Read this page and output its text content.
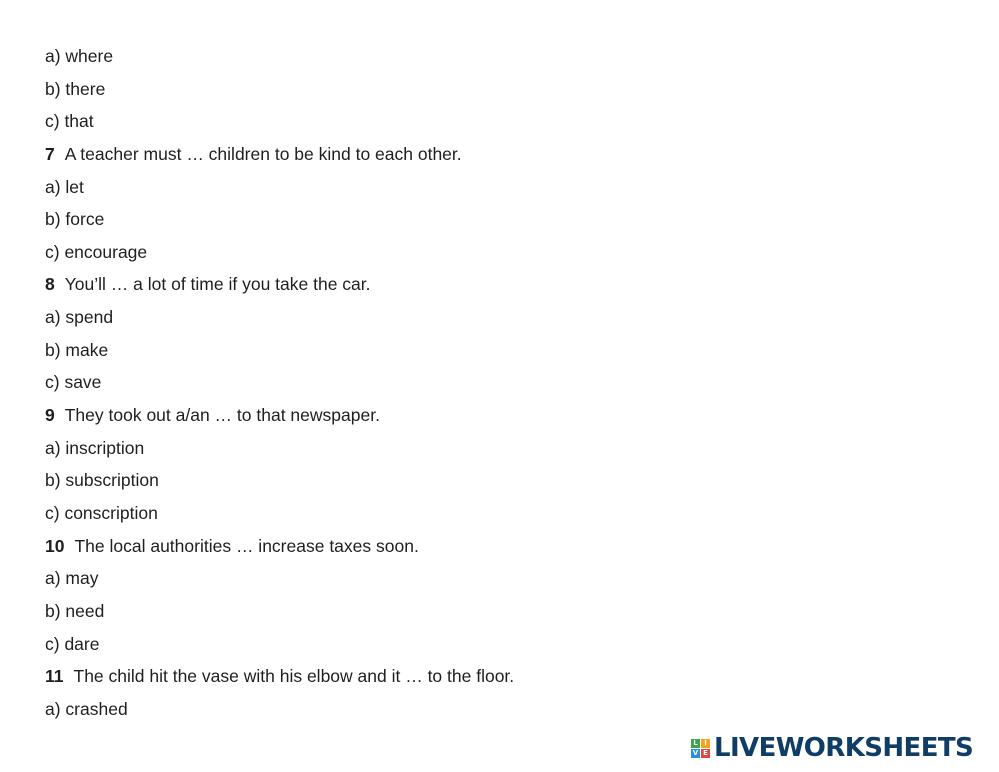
a) where
b) there
c) that
7 A teacher must … children to be kind to each other.
a) let
b) force
c) encourage
8 You’ll … a lot of time if you take the car.
a) spend
b) make
c) save
9 They took out a/an … to that newspaper.
a) inscription
b) subscription
c) conscription
10 The local authorities … increase taxes soon.
a) may
b) need
c) dare
11 The child hit the vase with his elbow and it … to the floor.
a) crashed
L I
V E LIVEWORKSHEETS
